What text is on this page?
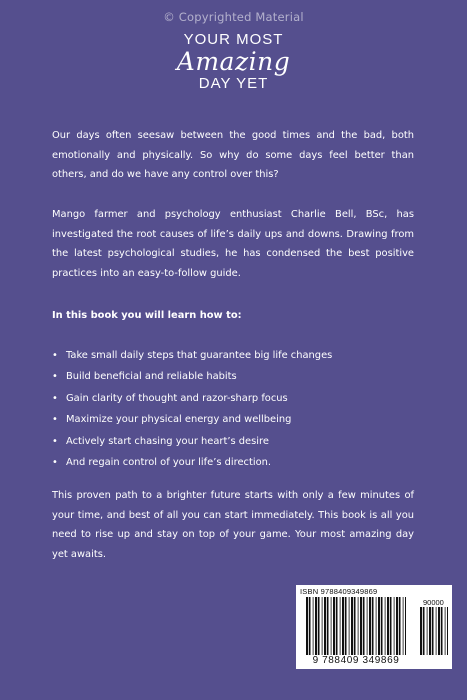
© Copyrighted Material
YOUR MOST
Amazing
DAY YET
Our days often seesaw between the good times and the bad, both emotionally and physically. So why do some days feel better than others, and do we have any control over this?
Mango farmer and psychology enthusiast Charlie Bell, BSc, has investigated the root causes of life’s daily ups and downs. Drawing from the latest psychological studies, he has condensed the best positive practices into an easy-to-follow guide.
In this book you will learn how to:
• Take small daily steps that guarantee big life changes
• Build beneficial and reliable habits
• Gain clarity of thought and razor-sharp focus
• Maximize your physical energy and wellbeing
• Actively start chasing your heart’s desire
• And regain control of your life’s direction.
This proven path to a brighter future starts with only a few minutes of your time, and best of all you can start immediately. This book is all you need to rise up and stay on top of your game. Your most amazing day yet awaits.
ISBN 9788409349869
90000
9 788409 349869
